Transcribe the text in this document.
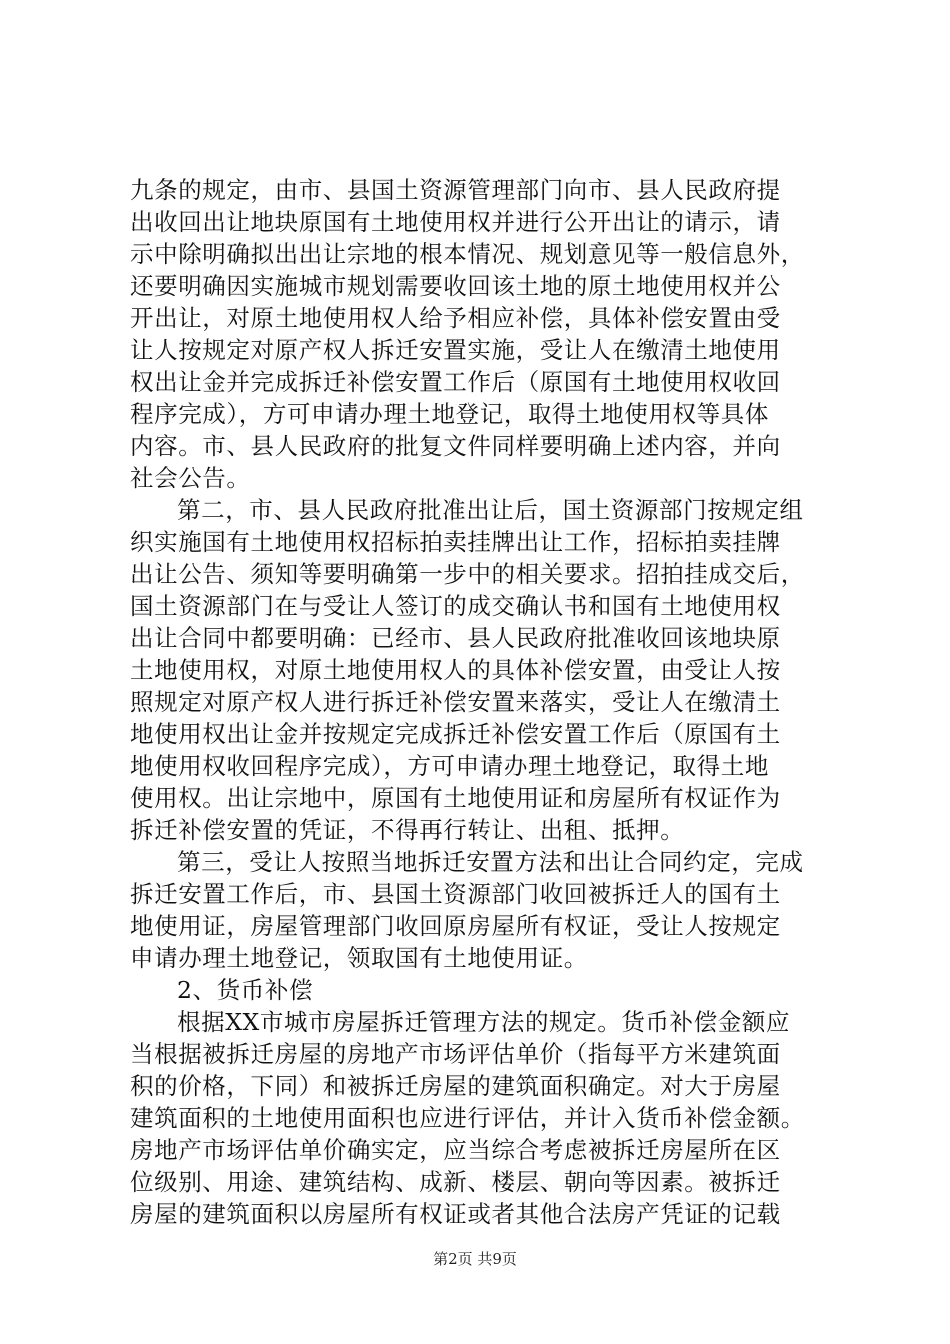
九条的规定，由市、县国土资源管理部门向市、县人民政府提
出收回出让地块原国有土地使用权并进行公开出让的请示，请
示中除明确拟出出让宗地的根本情况、规划意见等一般信息外，
还要明确因实施城市规划需要收回该土地的原土地使用权并公
开出让，对原土地使用权人给予相应补偿，具体补偿安置由受
让人按规定对原产权人拆迁安置实施，受让人在缴清土地使用
权出让金并完成拆迁补偿安置工作后（原国有土地使用权收回
程序完成），方可申请办理土地登记，取得土地使用权等具体
内容。市、县人民政府的批复文件同样要明确上述内容，并向
社会公告。
第二，市、县人民政府批准出让后，国土资源部门按规定组
织实施国有土地使用权招标拍卖挂牌出让工作，招标拍卖挂牌
出让公告、须知等要明确第一步中的相关要求。招拍挂成交后，
国土资源部门在与受让人签订的成交确认书和国有土地使用权
出让合同中都要明确：已经市、县人民政府批准收回该地块原
土地使用权，对原土地使用权人的具体补偿安置，由受让人按
照规定对原产权人进行拆迁补偿安置来落实，受让人在缴清土
地使用权出让金并按规定完成拆迁补偿安置工作后（原国有土
地使用权收回程序完成），方可申请办理土地登记，取得土地
使用权。出让宗地中，原国有土地使用证和房屋所有权证作为
拆迁补偿安置的凭证，不得再行转让、出租、抵押。
第三，受让人按照当地拆迁安置方法和出让合同约定，完成
拆迁安置工作后，市、县国土资源部门收回被拆迁人的国有土
地使用证，房屋管理部门收回原房屋所有权证，受让人按规定
申请办理土地登记，领取国有土地使用证。
2、货币补偿
根据XX市城市房屋拆迁管理方法的规定。货币补偿金额应
当根据被拆迁房屋的房地产市场评估单价（指每平方米建筑面
积的价格，下同）和被拆迁房屋的建筑面积确定。对大于房屋
建筑面积的土地使用面积也应进行评估，并计入货币补偿金额。
房地产市场评估单价确实定，应当综合考虑被拆迁房屋所在区
位级别、用途、建筑结构、成新、楼层、朝向等因素。被拆迁
房屋的建筑面积以房屋所有权证或者其他合法房产凭证的记载
第2页 共9页
